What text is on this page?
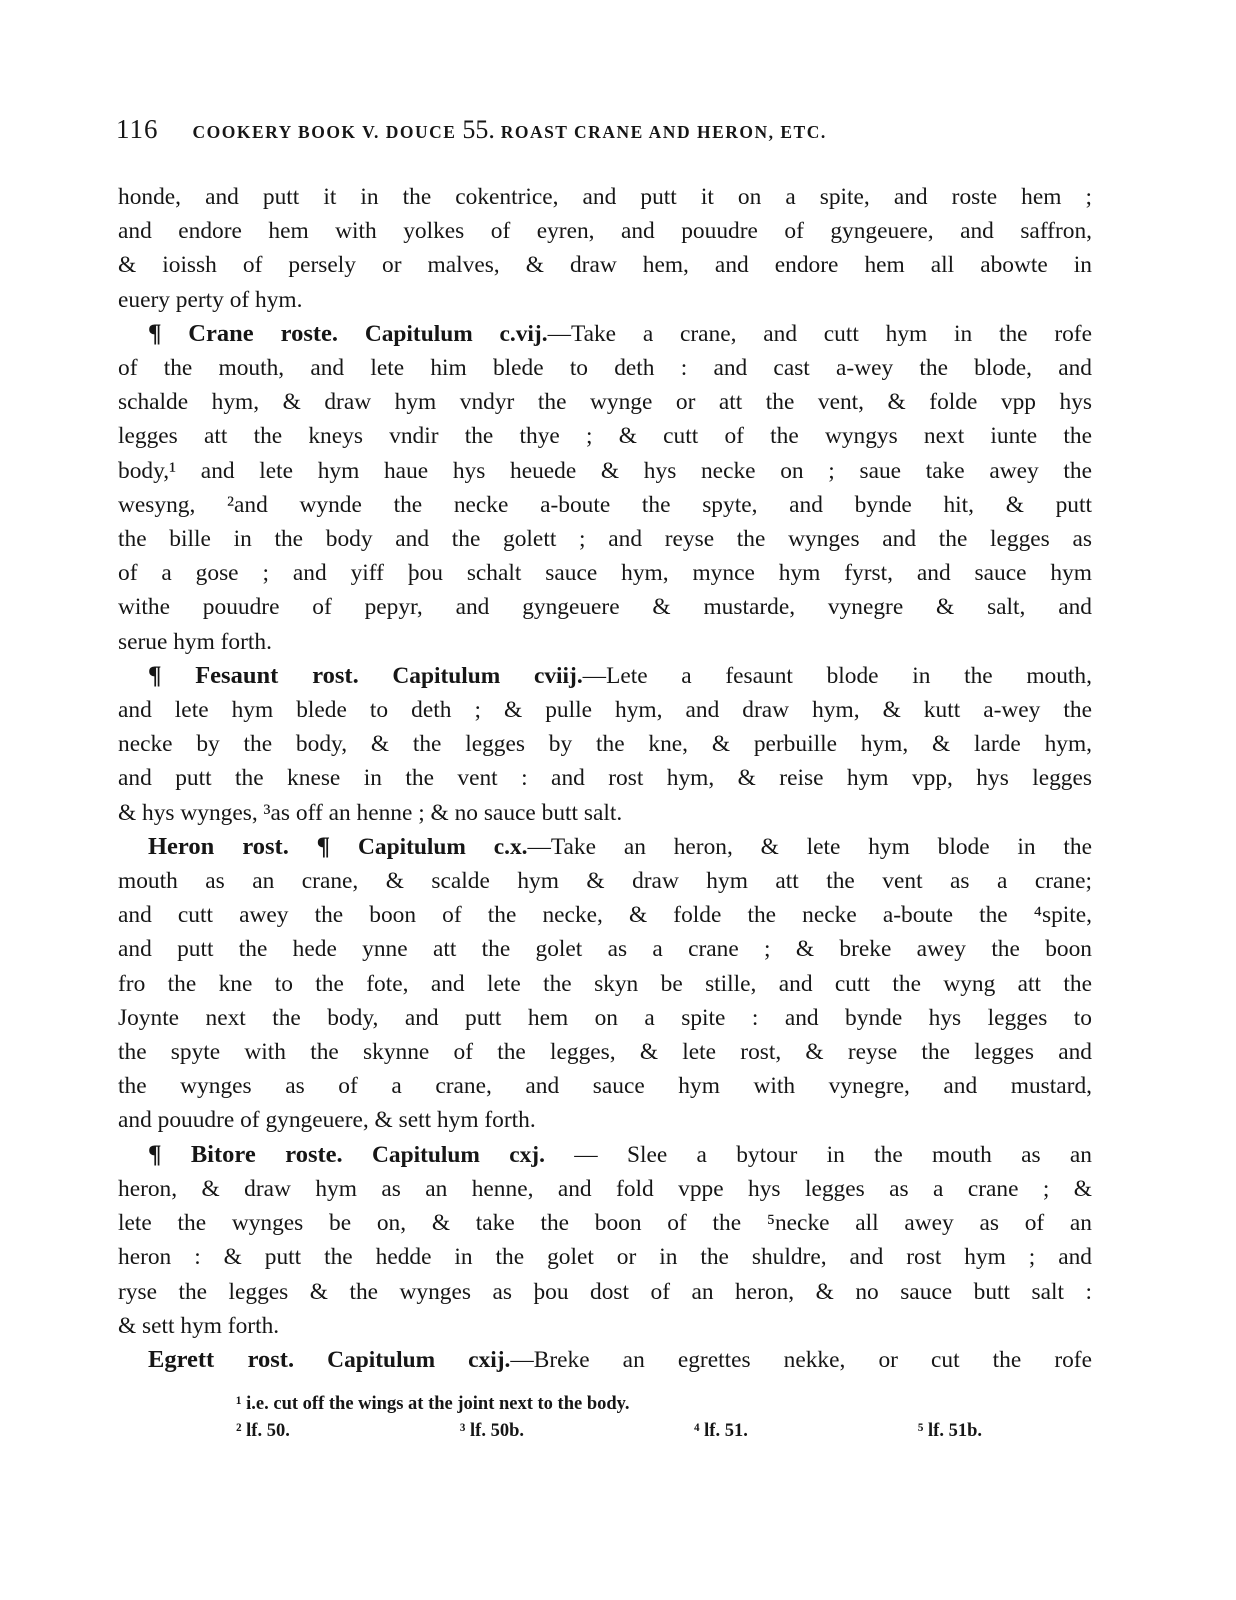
116 COOKERY BOOK V. DOUCE 55. ROAST CRANE AND HERON, ETC.

honde, and putt it in the cokentrice, and putt it on a spite, and roste hem ;
and endore hem with yolkes of eyren, and pouudre of gyngeuere, and saffron,
& ioissh of persely or malves, & draw hem, and endore hem all abowte in
euery perty of hym.

¶ Crane roste. Capitulum c.vij.—Take a crane, and cutt hym in the rofe
of the mouth, and lete him blede to deth : and cast a-wey the blode, and
schalde hym, & draw hym vndyr the wynge or att the vent, & folde vpp hys
legges att the kneys vndir the thye ; & cutt of the wyngys next iunte the
body,¹ and lete hym haue hys heuede & hys necke on ; saue take awey the
wesyng, ²and wynde the necke a-boute the spyte, and bynde hit, & putt
the bille in the body and the golett ; and reyse the wynges and the legges as
of a gose ; and yiff þou schalt sauce hym, mynce hym fyrst, and sauce hym
withe pouudre of pepyr, and gyngeuere & mustarde, vynegre & salt, and
serue hym forth.

¶ Fesaunt rost. Capitulum cviij.—Lete a fesaunt blode in the mouth,
and lete hym blede to deth ; & pulle hym, and draw hym, & kutt a-wey the
necke by the body, & the legges by the kne, & perbuille hym, & larde hym,
and putt the knese in the vent : and rost hym, & reise hym vpp, hys legges
& hys wynges, ³as off an henne ; & no sauce butt salt.

Heron rost. ¶ Capitulum c.x.—Take an heron, & lete hym blode in the
mouth as an crane, & scalde hym & draw hym att the vent as a crane;
and cutt awey the boon of the necke, & folde the necke a-boute the ⁴spite,
and putt the hede ynne att the golet as a crane ; & breke awey the boon
fro the kne to the fote, and lete the skyn be stille, and cutt the wyng att the
Joynte next the body, and putt hem on a spite : and bynde hys legges to
the spyte with the skynne of the legges, & lete rost, & reyse the legges and
the wynges as of a crane, and sauce hym with vynegre, and mustard,
and pouudre of gyngeuere, & sett hym forth.

¶ Bitore roste. Capitulum cxj. — Slee a bytour in the mouth as an
heron, & draw hym as an henne, and fold vppe hys legges as a crane ; &
lete the wynges be on, & take the boon of the ⁵necke all awey as of an
heron : & putt the hedde in the golet or in the shuldre, and rost hym ; and
ryse the legges & the wynges as þou dost of an heron, & no sauce butt salt :
& sett hym forth.

Egrett rost. Capitulum cxij.—Breke an egrettes nekke, or cut the rofe

¹ i.e. cut off the wings at the joint next to the body.
² lf. 50.	³ lf. 50b.	⁴ lf. 51.	⁵ lf. 51b.
